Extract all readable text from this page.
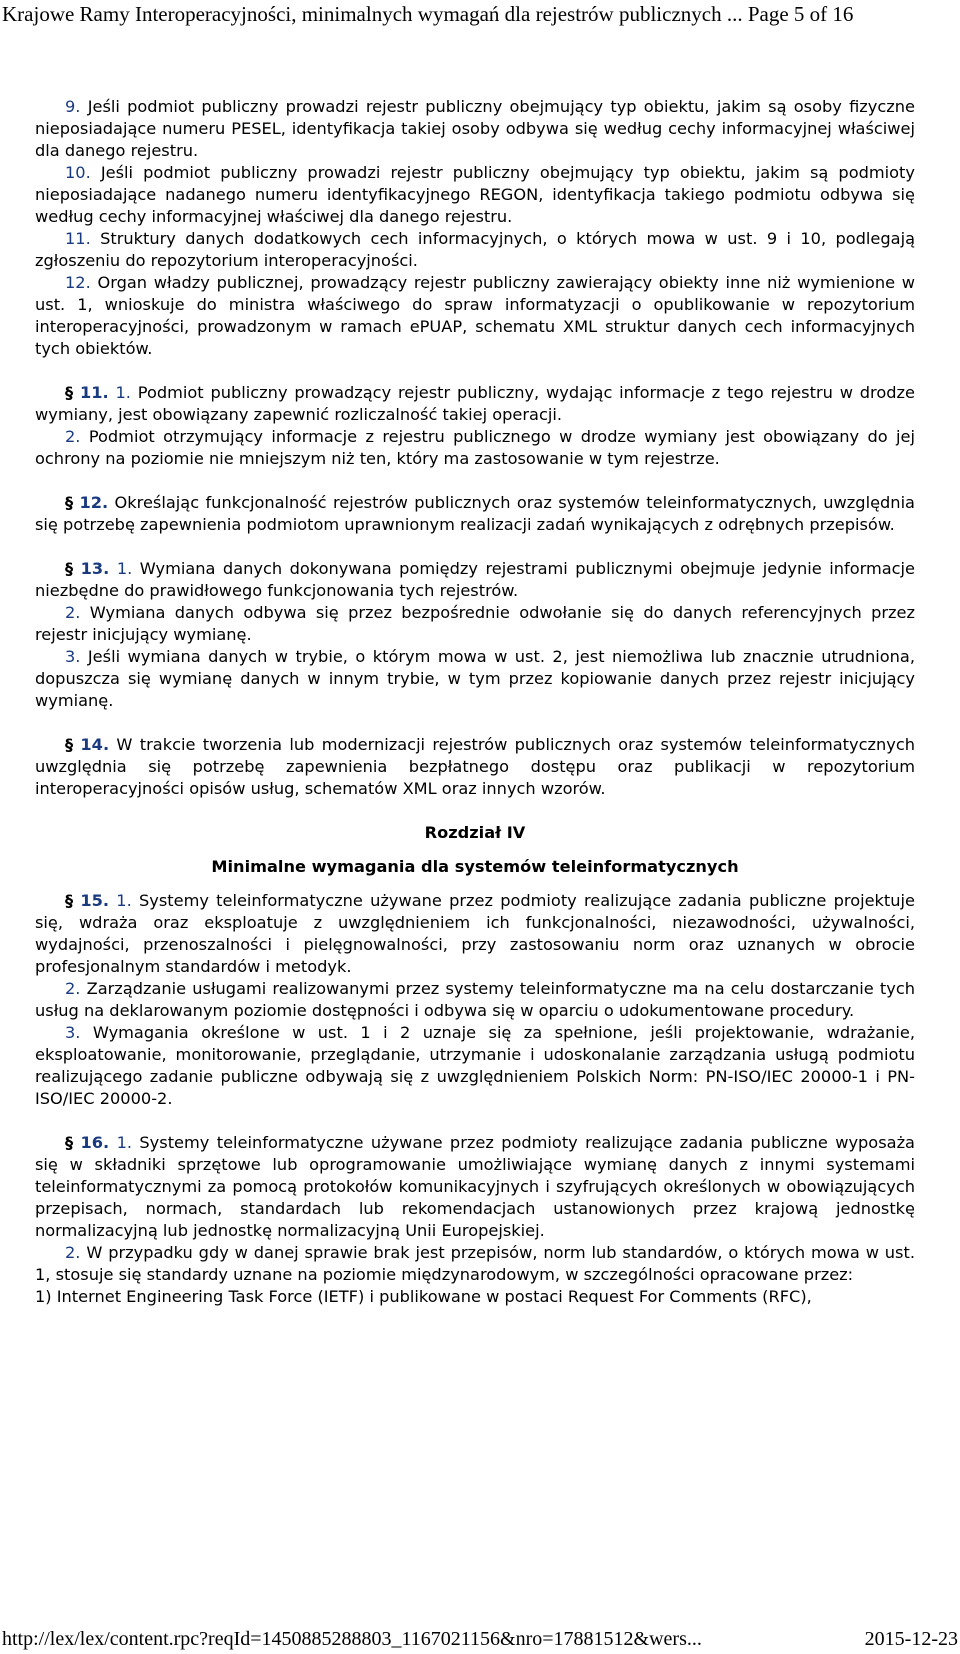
Krajowe Ramy Interoperacyjności, minimalnych wymagań dla rejestrów publicznych ... Page 5 of 16

9. Jeśli podmiot publiczny prowadzi rejestr publiczny obejmujący typ obiektu, jakim są osoby fizyczne nieposiadające numeru PESEL, identyfikacja takiej osoby odbywa się według cechy informacyjnej właściwej dla danego rejestru.

10. Jeśli podmiot publiczny prowadzi rejestr publiczny obejmujący typ obiektu, jakim są podmioty nieposiadające nadanego numeru identyfikacyjnego REGON, identyfikacja takiego podmiotu odbywa się według cechy informacyjnej właściwej dla danego rejestru.

11. Struktury danych dodatkowych cech informacyjnych, o których mowa w ust. 9 i 10, podlegają zgłoszeniu do repozytorium interoperacyjności.

12. Organ władzy publicznej, prowadzący rejestr publiczny zawierający obiekty inne niż wymienione w ust. 1, wnioskuje do ministra właściwego do spraw informatyzacji o opublikowanie w repozytorium interoperacyjności, prowadzonym w ramach ePUAP, schematu XML struktur danych cech informacyjnych tych obiektów.

§ 11. 1. Podmiot publiczny prowadzący rejestr publiczny, wydając informacje z tego rejestru w drodze wymiany, jest obowiązany zapewnić rozliczalność takiej operacji.

2. Podmiot otrzymujący informacje z rejestru publicznego w drodze wymiany jest obowiązany do jej ochrony na poziomie nie mniejszym niż ten, który ma zastosowanie w tym rejestrze.

§ 12. Określając funkcjonalność rejestrów publicznych oraz systemów teleinformatycznych, uwzględnia się potrzebę zapewnienia podmiotom uprawnionym realizacji zadań wynikających z odrębnych przepisów.

§ 13. 1. Wymiana danych dokonywana pomiędzy rejestrami publicznymi obejmuje jedynie informacje niezbędne do prawidłowego funkcjonowania tych rejestrów.

2. Wymiana danych odbywa się przez bezpośrednie odwołanie się do danych referencyjnych przez rejestr inicjujący wymianę.

3. Jeśli wymiana danych w trybie, o którym mowa w ust. 2, jest niemożliwa lub znacznie utrudniona, dopuszcza się wymianę danych w innym trybie, w tym przez kopiowanie danych przez rejestr inicjujący wymianę.

§ 14. W trakcie tworzenia lub modernizacji rejestrów publicznych oraz systemów teleinformatycznych uwzględnia się potrzebę zapewnienia bezpłatnego dostępu oraz publikacji w repozytorium interoperacyjności opisów usług, schematów XML oraz innych wzorów.

Rozdział IV
Minimalne wymagania dla systemów teleinformatycznych

§ 15. 1. Systemy teleinformatyczne używane przez podmioty realizujące zadania publiczne projektuje się, wdraża oraz eksploatuje z uwzględnieniem ich funkcjonalności, niezawodności, używalności, wydajności, przenoszalności i pielęgnowalności, przy zastosowaniu norm oraz uznanych w obrocie profesjonalnym standardów i metodyk.

2. Zarządzanie usługami realizowanymi przez systemy teleinformatyczne ma na celu dostarczanie tych usług na deklarowanym poziomie dostępności i odbywa się w oparciu o udokumentowane procedury.

3. Wymagania określone w ust. 1 i 2 uznaje się za spełnione, jeśli projektowanie, wdrażanie, eksploatowanie, monitorowanie, przeglądanie, utrzymanie i udoskonalanie zarządzania usługą podmiotu realizującego zadanie publiczne odbywają się z uwzględnieniem Polskich Norm: PN-ISO/IEC 20000-1 i PN-ISO/IEC 20000-2.

§ 16. 1. Systemy teleinformatyczne używane przez podmioty realizujące zadania publiczne wyposaża się w składniki sprzętowe lub oprogramowanie umożliwiające wymianę danych z innymi systemami teleinformatycznymi za pomocą protokołów komunikacyjnych i szyfrujących określonych w obowiązujących przepisach, normach, standardach lub rekomendacjach ustanowionych przez krajową jednostkę normalizacyjną lub jednostkę normalizacyjną Unii Europejskiej.

2. W przypadku gdy w danej sprawie brak jest przepisów, norm lub standardów, o których mowa w ust. 1, stosuje się standardy uznane na poziomie międzynarodowym, w szczególności opracowane przez:

1) Internet Engineering Task Force (IETF) i publikowane w postaci Request For Comments (RFC),

http://lex/lex/content.rpc?reqId=1450885288803_1167021156&nro=17881512&wers...	2015-12-23
